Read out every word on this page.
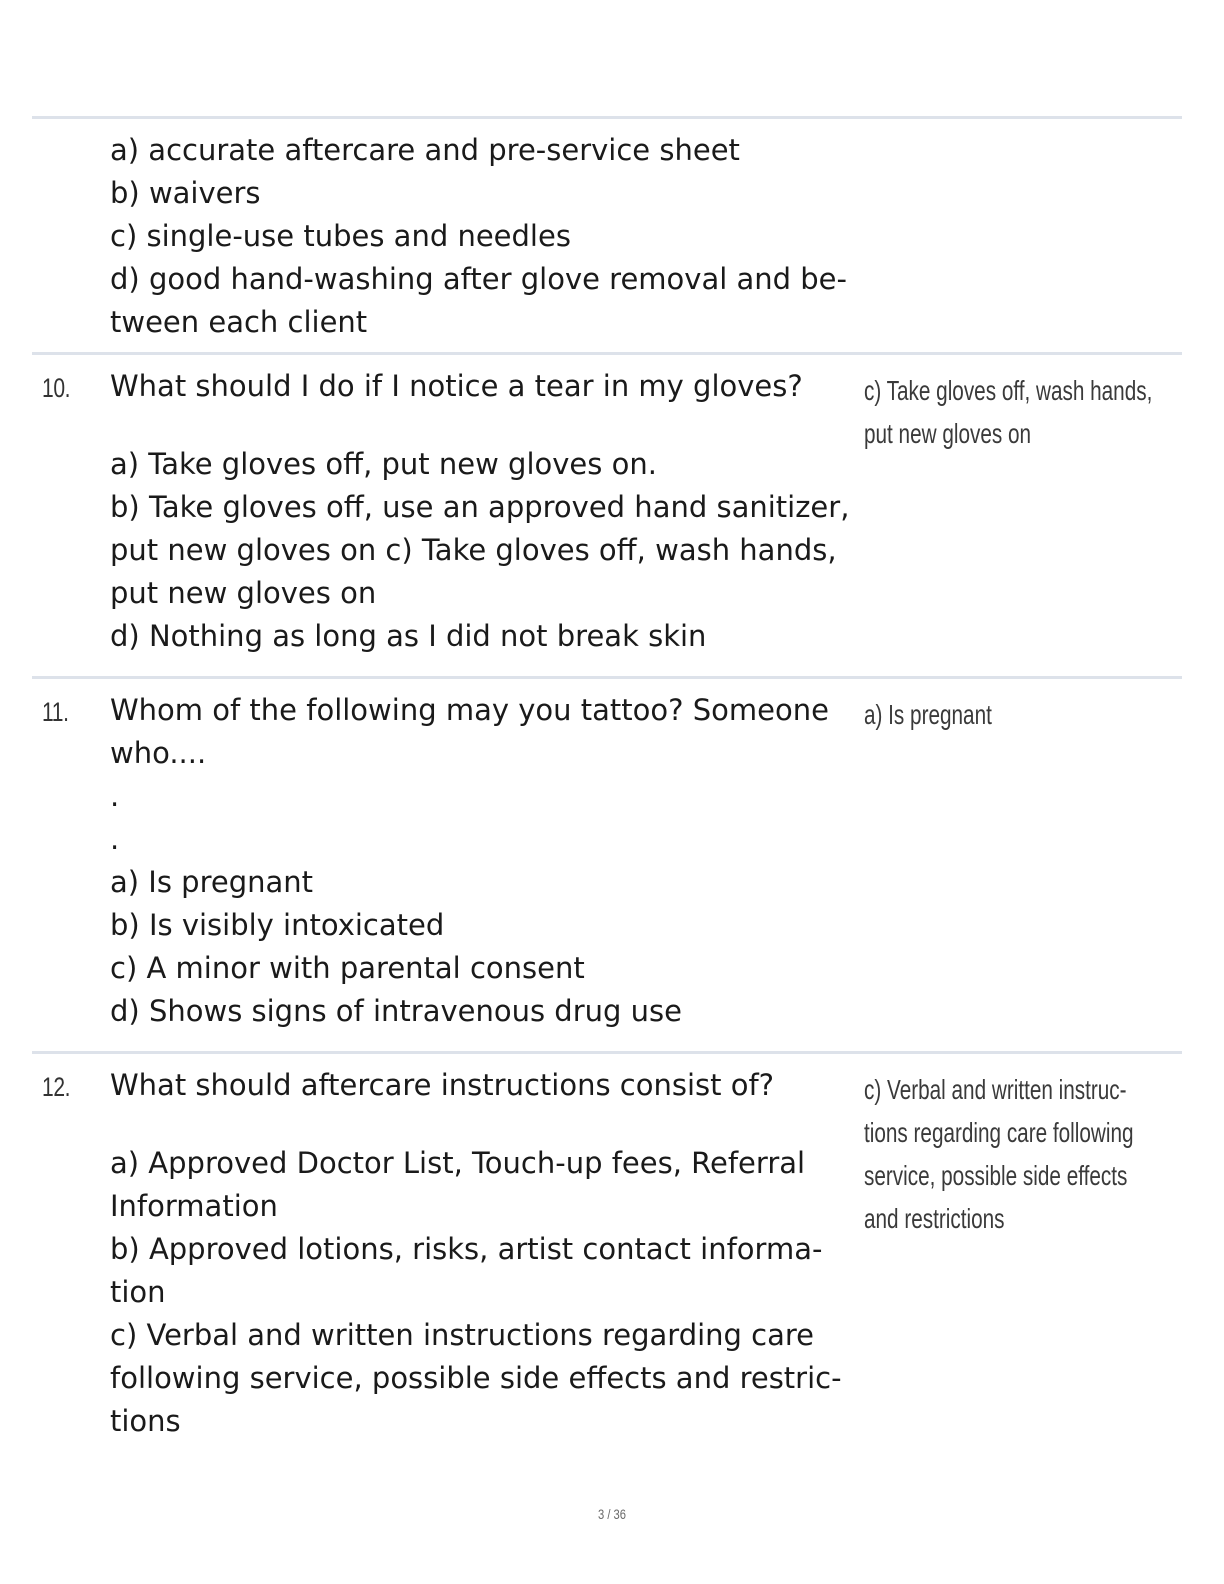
a) accurate aftercare and pre-service sheet
b) waivers
c) single-use tubes and needles
d) good hand-washing after glove removal and be-
tween each client
10. What should I do if I notice a tear in my gloves?
a) Take gloves off, put new gloves on.
b) Take gloves off, use an approved hand sanitizer,
put new gloves on c) Take gloves off, wash hands,
put new gloves on
d) Nothing as long as I did not break skin
c) Take gloves off, wash hands,
put new gloves on
11. Whom of the following may you tattoo? Someone
who....
.
.
a) Is pregnant
b) Is visibly intoxicated
c) A minor with parental consent
d) Shows signs of intravenous drug use
a) Is pregnant
12. What should aftercare instructions consist of?
a) Approved Doctor List, Touch-up fees, Referral
Information
b) Approved lotions, risks, artist contact informa-
tion
c) Verbal and written instructions regarding care
following service, possible side effects and restric-
tions
c) Verbal and written instruc-
tions regarding care following
service, possible side effects
and restrictions
3 / 36
